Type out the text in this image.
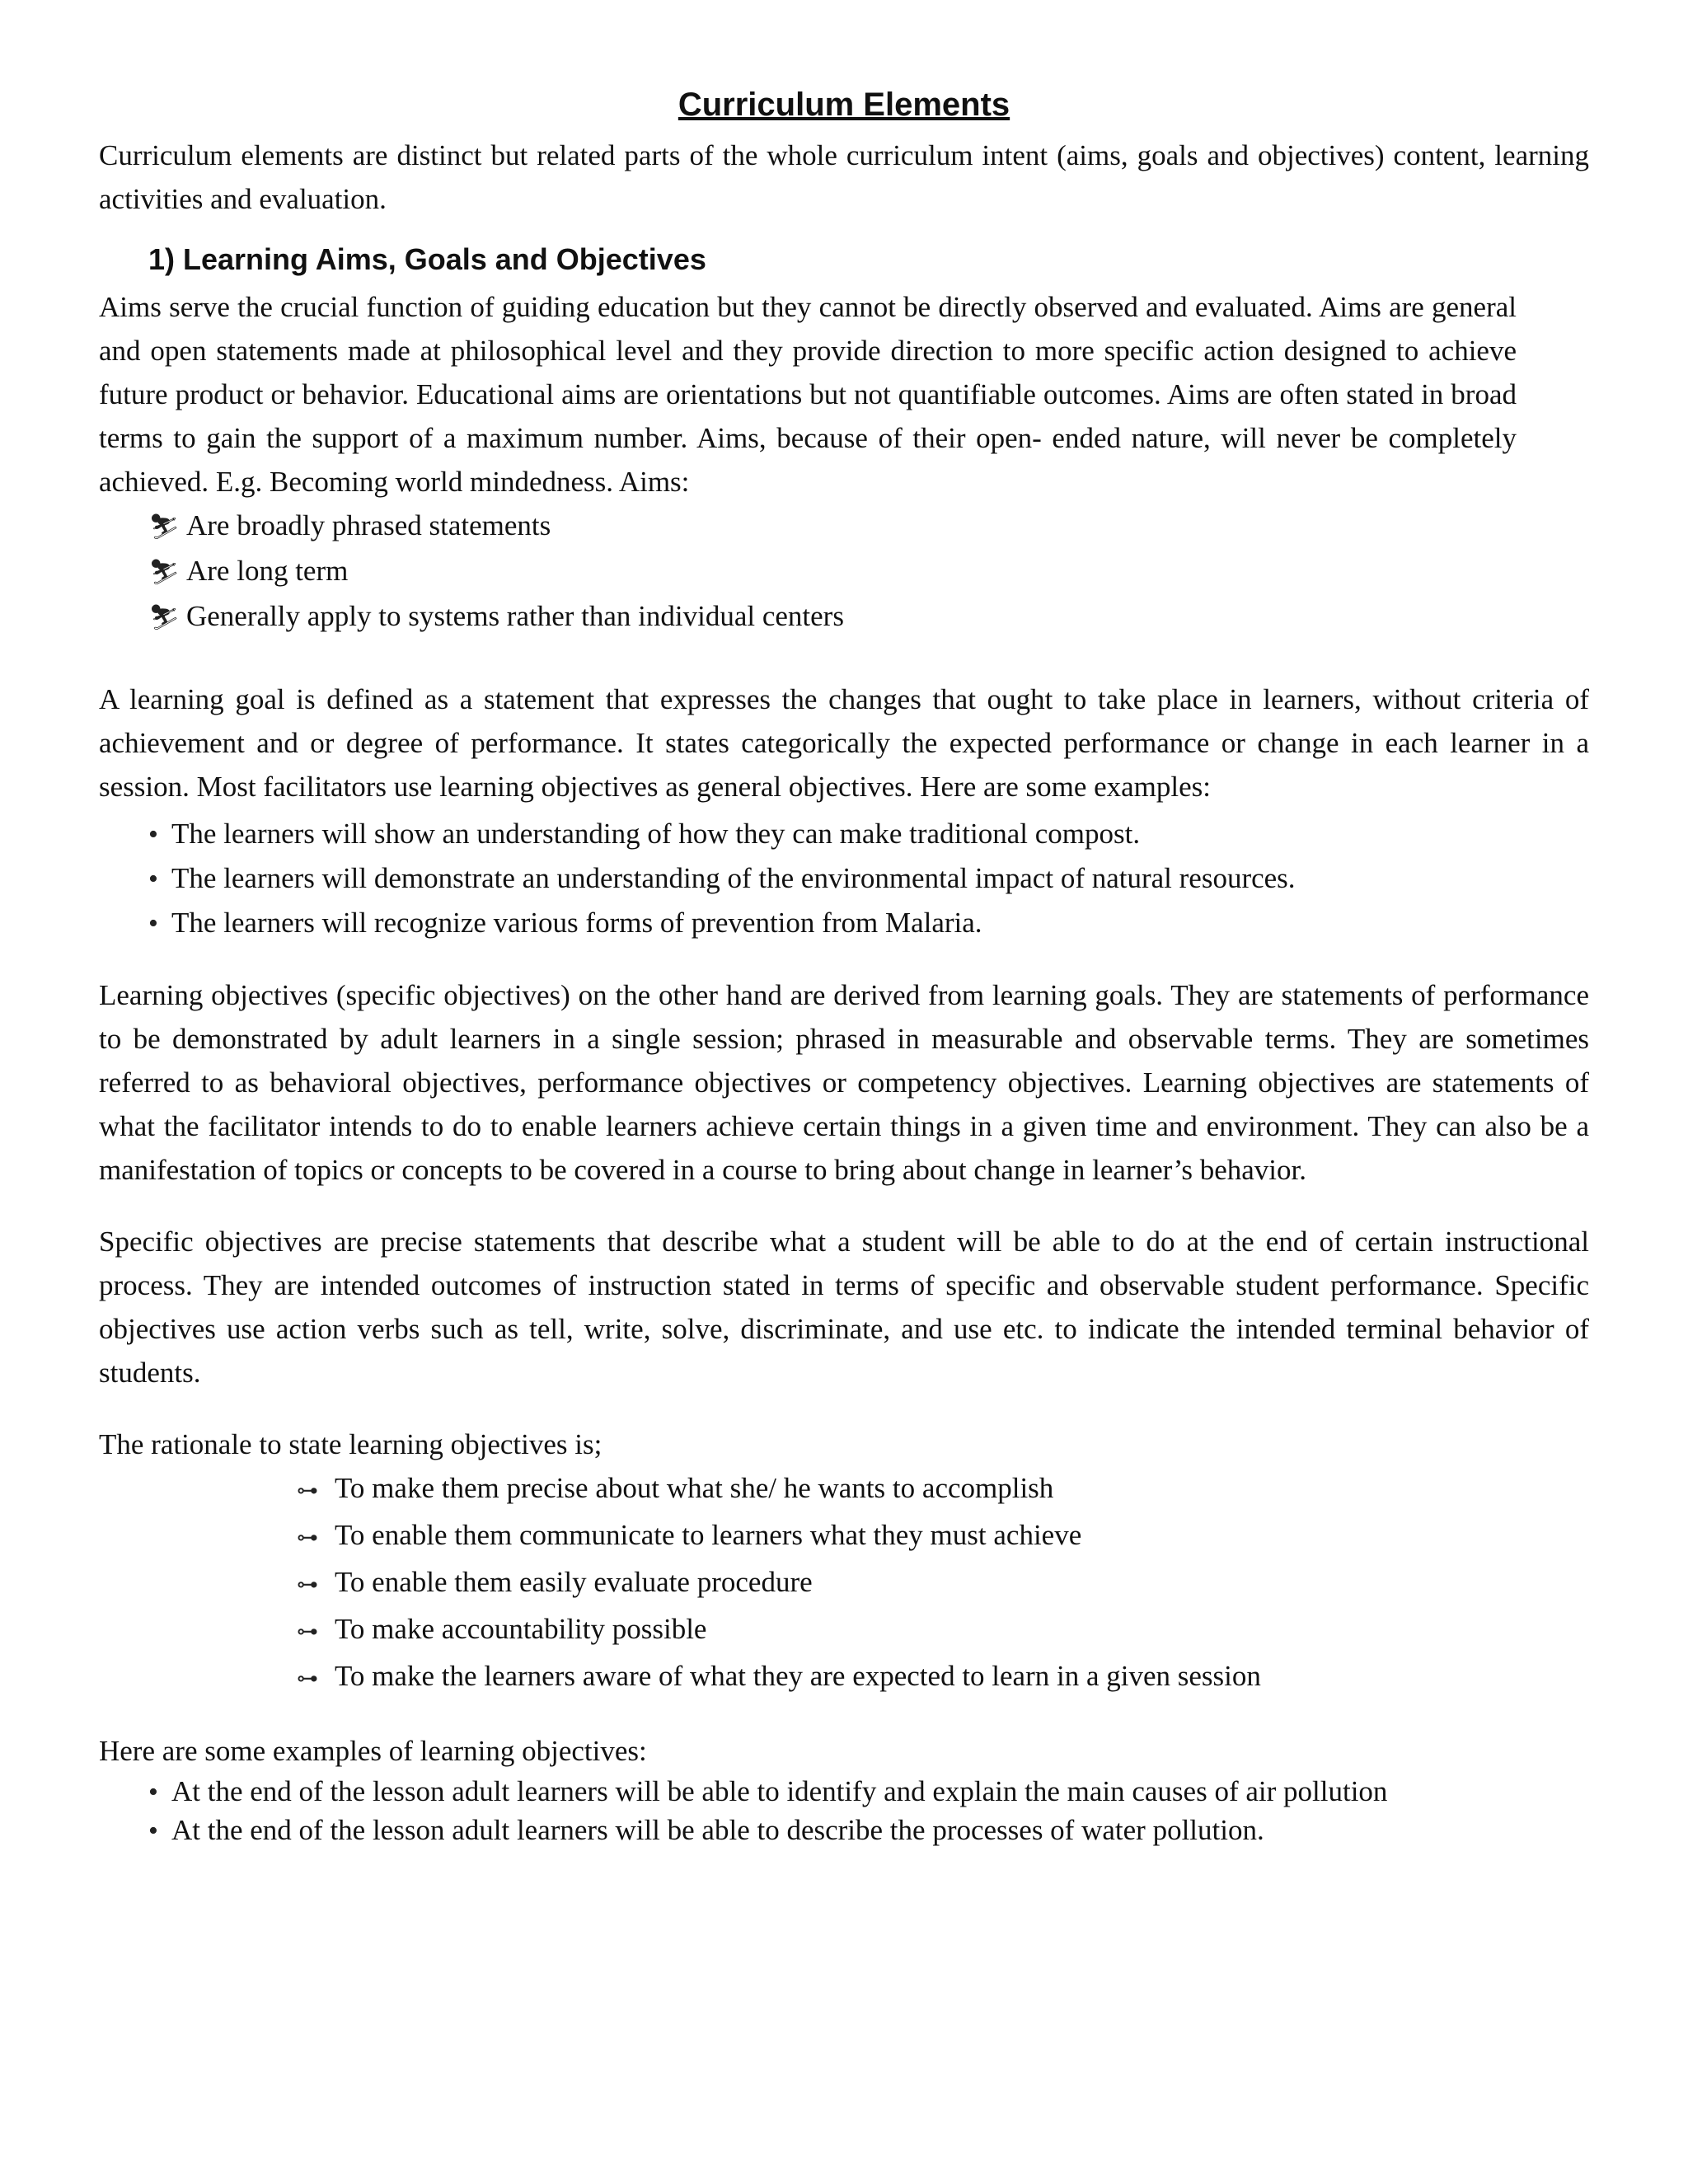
Curriculum Elements

Curriculum elements are distinct but related parts of the whole curriculum intent (aims, goals and objectives) content, learning activities and evaluation.

1) Learning Aims, Goals and Objectives

Aims serve the crucial function of guiding education but they cannot be directly observed and evaluated. Aims are general and open statements made at philosophical level and they provide direction to more specific action designed to achieve future product or behavior. Educational aims are orientations but not quantifiable outcomes. Aims are often stated in broad terms to gain the support of a maximum number. Aims, because of their open- ended nature, will never be completely achieved. E.g. Becoming world mindedness. Aims:

⛷ Are broadly phrased statements
⛷ Are long term
⛷ Generally apply to systems rather than individual centers

A learning goal is defined as a statement that expresses the changes that ought to take place in learners, without criteria of achievement and or degree of performance. It states categorically the expected performance or change in each learner in a session. Most facilitators use learning objectives as general objectives. Here are some examples:

• The learners will show an understanding of how they can make traditional compost.
• The learners will demonstrate an understanding of the environmental impact of natural resources.
• The learners will recognize various forms of prevention from Malaria.

Learning objectives (specific objectives) on the other hand are derived from learning goals. They are statements of performance to be demonstrated by adult learners in a single session; phrased in measurable and observable terms. They are sometimes referred to as behavioral objectives, performance objectives or competency objectives. Learning objectives are statements of what the facilitator intends to do to enable learners achieve certain things in a given time and environment. They can also be a manifestation of topics or concepts to be covered in a course to bring about change in learner’s behavior.

Specific objectives are precise statements that describe what a student will be able to do at the end of certain instructional process. They are intended outcomes of instruction stated in terms of specific and observable student performance. Specific objectives use action verbs such as tell, write, solve, discriminate, and use etc. to indicate the intended terminal behavior of students.

The rationale to state learning objectives is;

⊶ To make them precise about what she/ he wants to accomplish
⊶ To enable them communicate to learners what they must achieve
⊶ To enable them easily evaluate procedure
⊶ To make accountability possible
⊶ To make the learners aware of what they are expected to learn in a given session

Here are some examples of learning objectives:

• At the end of the lesson adult learners will be able to identify and explain the main causes of air pollution
• At the end of the lesson adult learners will be able to describe the processes of water pollution.
